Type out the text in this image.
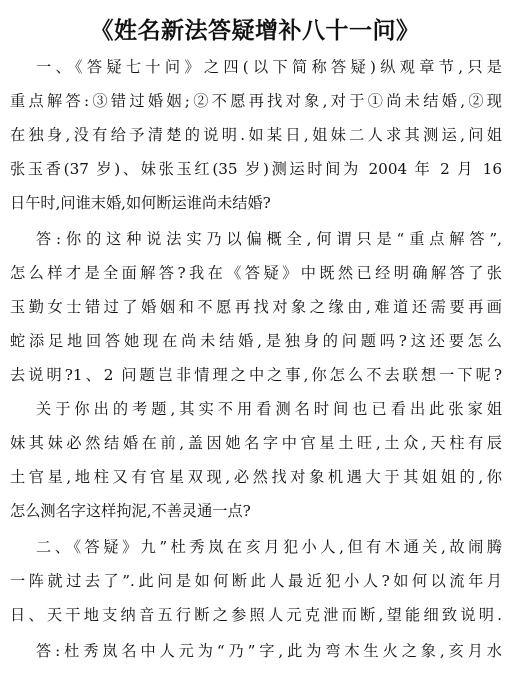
《姓名新法答疑增补八十一问》
一、《答疑七十问》之四(以下简称答疑)纵观章节,只是
重点解答:③错过婚姻;②不愿再找对象,对于①尚未结婚,②现
在独身,没有给予清楚的说明.如某日,姐妹二人求其测运,问姐
张玉香(37 岁)、妹张玉红(35 岁)测运时间为 2004 年 2 月 16
日午时,问谁末婚,如何断运谁尚未结婚?
答:你的这种说法实乃以偏概全,何谓只是“重点解答”,
怎么样才是全面解答?我在《答疑》中既然已经明确解答了张
玉勤女士错过了婚姻和不愿再找对象之缘由,难道还需要再画
蛇添足地回答她现在尚未结婚,是独身的问题吗?这还要怎么
去说明?1、2 问题岂非情理之中之事,你怎么不去联想一下呢?
关于你出的考题,其实不用看测名时间也已看出此张家姐
妹其妹必然结婚在前,盖因她名字中官星土旺,土众,天柱有辰
土官星,地柱又有官星双现,必然找对象机遇大于其姐姐的,你
怎么测名字这样拘泥,不善灵通一点?
二、《答疑》九”杜秀岚在亥月犯小人,但有木通关,故闹腾
一阵就过去了”.此问是如何断此人最近犯小人?如何以流年月
日、天干地支纳音五行断之参照人元克泄而断,望能细致说明.
答:杜秀岚名中人元为“乃”字,此为弯木生火之象,亥月水
